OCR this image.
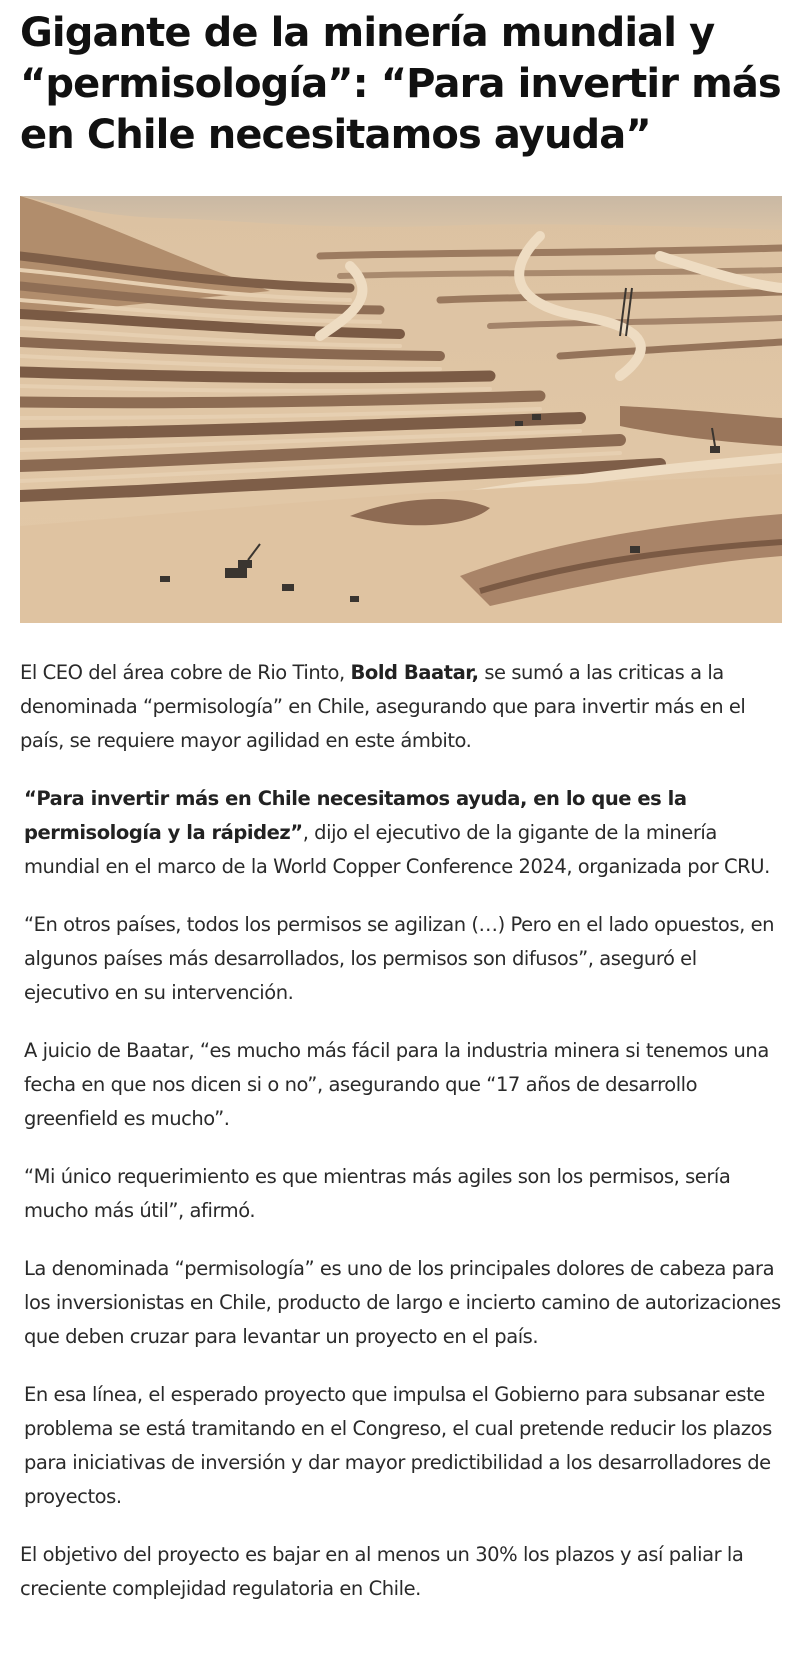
Gigante de la minería mundial y “permisología”: “Para invertir más en Chile necesitamos ayuda”

El CEO del área cobre de Rio Tinto, Bold Baatar, se sumó a las criticas a la denominada “permisología” en Chile, asegurando que para invertir más en el país, se requiere mayor agilidad en este ámbito.

“Para invertir más en Chile necesitamos ayuda, en lo que es la permisología y la rápidez”, dijo el ejecutivo de la gigante de la minería mundial en el marco de la World Copper Conference 2024, organizada por CRU.

“En otros países, todos los permisos se agilizan (…) Pero en el lado opuestos, en algunos países más desarrollados, los permisos son difusos”, aseguró el ejecutivo en su intervención.

A juicio de Baatar, “es mucho más fácil para la industria minera si tenemos una fecha en que nos dicen si o no”, asegurando que “17 años de desarrollo greenfield es mucho”.

“Mi único requerimiento es que mientras más agiles son los permisos, sería mucho más útil”, afirmó.

La denominada “permisología” es uno de los principales dolores de cabeza para los inversionistas en Chile, producto de largo e incierto camino de autorizaciones que deben cruzar para levantar un proyecto en el país.

En esa línea, el esperado proyecto que impulsa el Gobierno para subsanar este problema se está tramitando en el Congreso, el cual pretende reducir los plazos para iniciativas de inversión y dar mayor predictibilidad a los desarrolladores de proyectos.

El objetivo del proyecto es bajar en al menos un 30% los plazos y así paliar la creciente complejidad regulatoria en Chile.
